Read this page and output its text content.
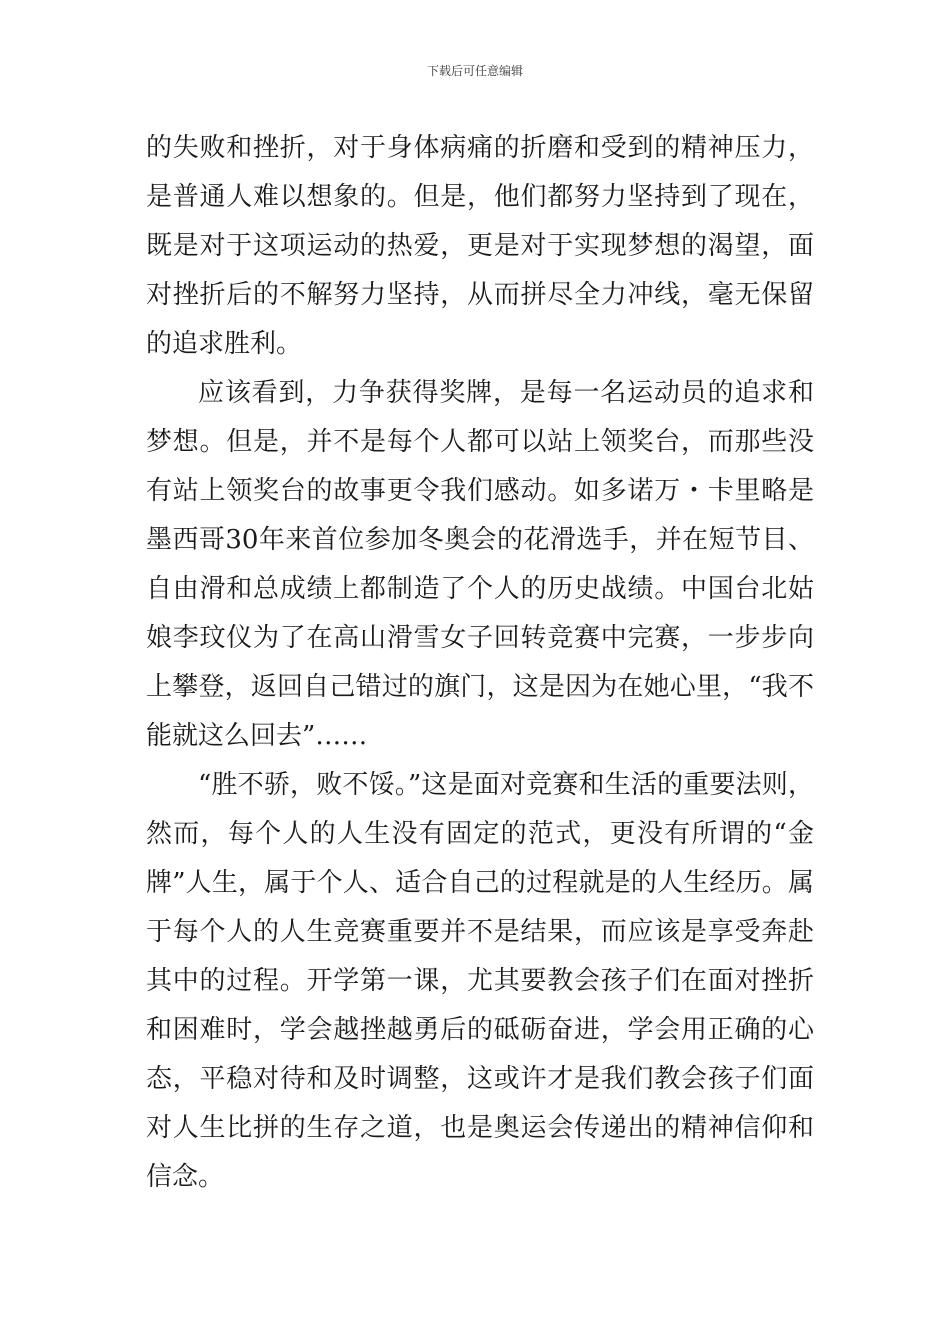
下载后可任意编辑

的失败和挫折，对于身体病痛的折磨和受到的精神压力，是普通人难以想象的。但是，他们都努力坚持到了现在，既是对于这项运动的热爱，更是对于实现梦想的渴望，面对挫折后的不解努力坚持，从而拼尽全力冲线，毫无保留的追求胜利。

应该看到，力争获得奖牌，是每一名运动员的追求和梦想。但是，并不是每个人都可以站上领奖台，而那些没有站上领奖台的故事更令我们感动。如多诺万・卡里略是墨西哥30年来首位参加冬奥会的花滑选手，并在短节目、自由滑和总成绩上都制造了个人的历史战绩。中国台北姑娘李玟仪为了在高山滑雪女子回转竞赛中完赛，一步步向上攀登，返回自己错过的旗门，这是因为在她心里，“我不能就这么回去”……

“胜不骄，败不馁。”这是面对竞赛和生活的重要法则，然而，每个人的人生没有固定的范式，更没有所谓的“金牌”人生，属于个人、适合自己的过程就是的人生经历。属于每个人的人生竞赛重要并不是结果，而应该是享受奔赴其中的过程。开学第一课，尤其要教会孩子们在面对挫折和困难时，学会越挫越勇后的砥砺奋进，学会用正确的心态，平稳对待和及时调整，这或许才是我们教会孩子们面对人生比拼的生存之道，也是奥运会传递出的精神信仰和信念。
